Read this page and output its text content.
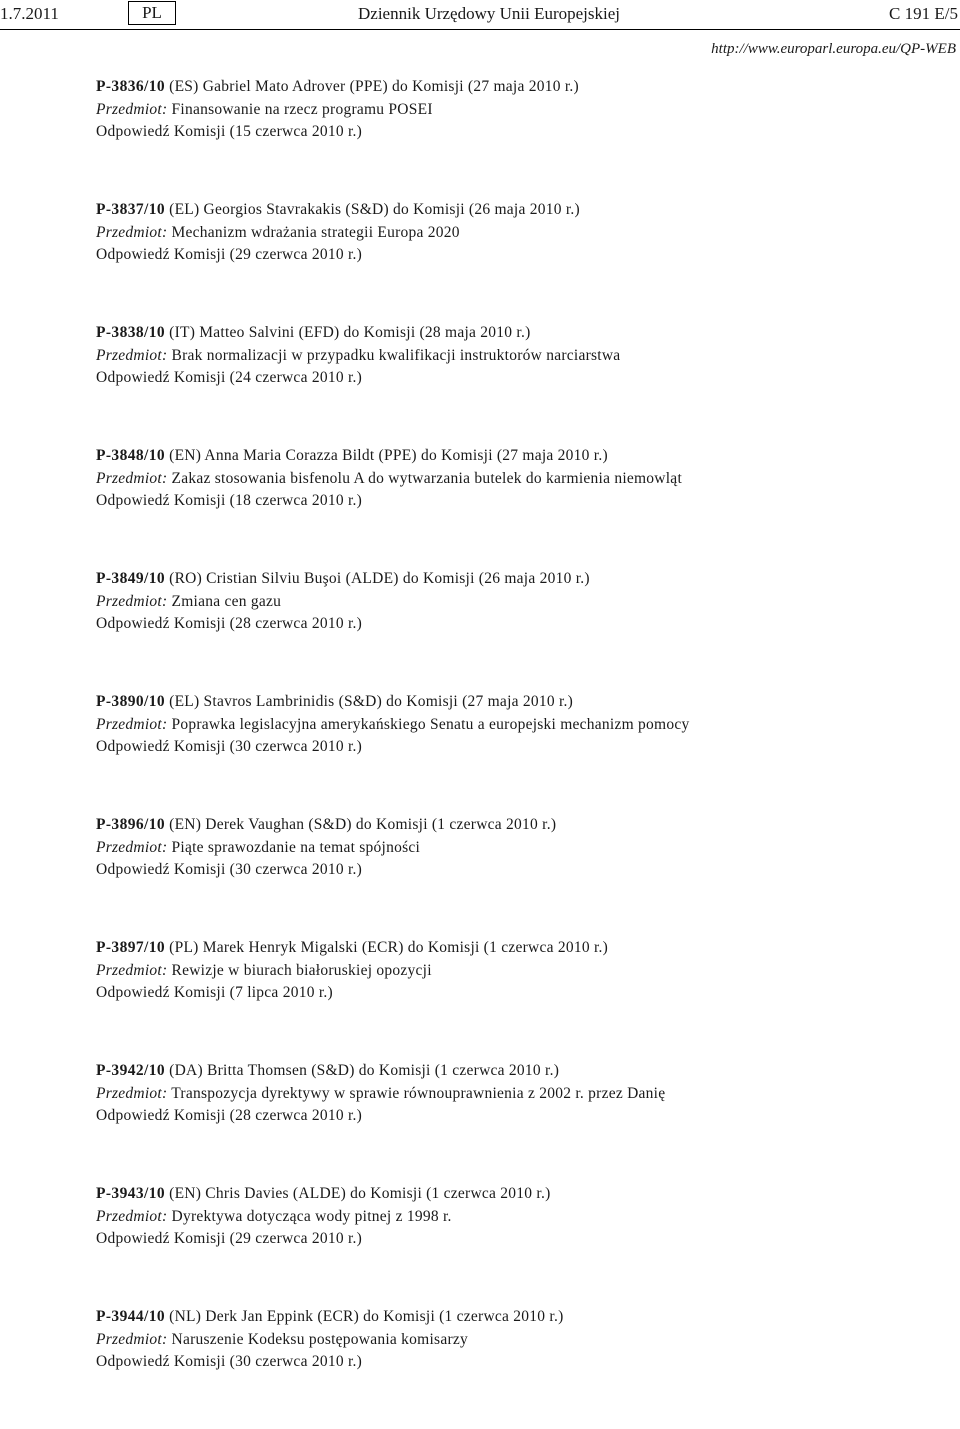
1.7.2011	PL	Dziennik Urzędowy Unii Europejskiej	C 191 E/5
http://www.europarl.europa.eu/QP-WEB
P-3836/10 (ES) Gabriel Mato Adrover (PPE) do Komisji (27 maja 2010 r.)
Przedmiot: Finansowanie na rzecz programu POSEI
Odpowiedź Komisji (15 czerwca 2010 r.)
P-3837/10 (EL) Georgios Stavrakakis (S&D) do Komisji (26 maja 2010 r.)
Przedmiot: Mechanizm wdrażania strategii Europa 2020
Odpowiedź Komisji (29 czerwca 2010 r.)
P-3838/10 (IT) Matteo Salvini (EFD) do Komisji (28 maja 2010 r.)
Przedmiot: Brak normalizacji w przypadku kwalifikacji instruktorów narciarstwa
Odpowiedź Komisji (24 czerwca 2010 r.)
P-3848/10 (EN) Anna Maria Corazza Bildt (PPE) do Komisji (27 maja 2010 r.)
Przedmiot: Zakaz stosowania bisfenolu A do wytwarzania butelek do karmienia niemowląt
Odpowiedź Komisji (18 czerwca 2010 r.)
P-3849/10 (RO) Cristian Silviu Buşoi (ALDE) do Komisji (26 maja 2010 r.)
Przedmiot: Zmiana cen gazu
Odpowiedź Komisji (28 czerwca 2010 r.)
P-3890/10 (EL) Stavros Lambrinidis (S&D) do Komisji (27 maja 2010 r.)
Przedmiot: Poprawka legislacyjna amerykańskiego Senatu a europejski mechanizm pomocy
Odpowiedź Komisji (30 czerwca 2010 r.)
P-3896/10 (EN) Derek Vaughan (S&D) do Komisji (1 czerwca 2010 r.)
Przedmiot: Piąte sprawozdanie na temat spójności
Odpowiedź Komisji (30 czerwca 2010 r.)
P-3897/10 (PL) Marek Henryk Migalski (ECR) do Komisji (1 czerwca 2010 r.)
Przedmiot: Rewizje w biurach białoruskiej opozycji
Odpowiedź Komisji (7 lipca 2010 r.)
P-3942/10 (DA) Britta Thomsen (S&D) do Komisji (1 czerwca 2010 r.)
Przedmiot: Transpozycja dyrektywy w sprawie równouprawnienia z 2002 r. przez Danię
Odpowiedź Komisji (28 czerwca 2010 r.)
P-3943/10 (EN) Chris Davies (ALDE) do Komisji (1 czerwca 2010 r.)
Przedmiot: Dyrektywa dotycząca wody pitnej z 1998 r.
Odpowiedź Komisji (29 czerwca 2010 r.)
P-3944/10 (NL) Derk Jan Eppink (ECR) do Komisji (1 czerwca 2010 r.)
Przedmiot: Naruszenie Kodeksu postępowania komisarzy
Odpowiedź Komisji (30 czerwca 2010 r.)
